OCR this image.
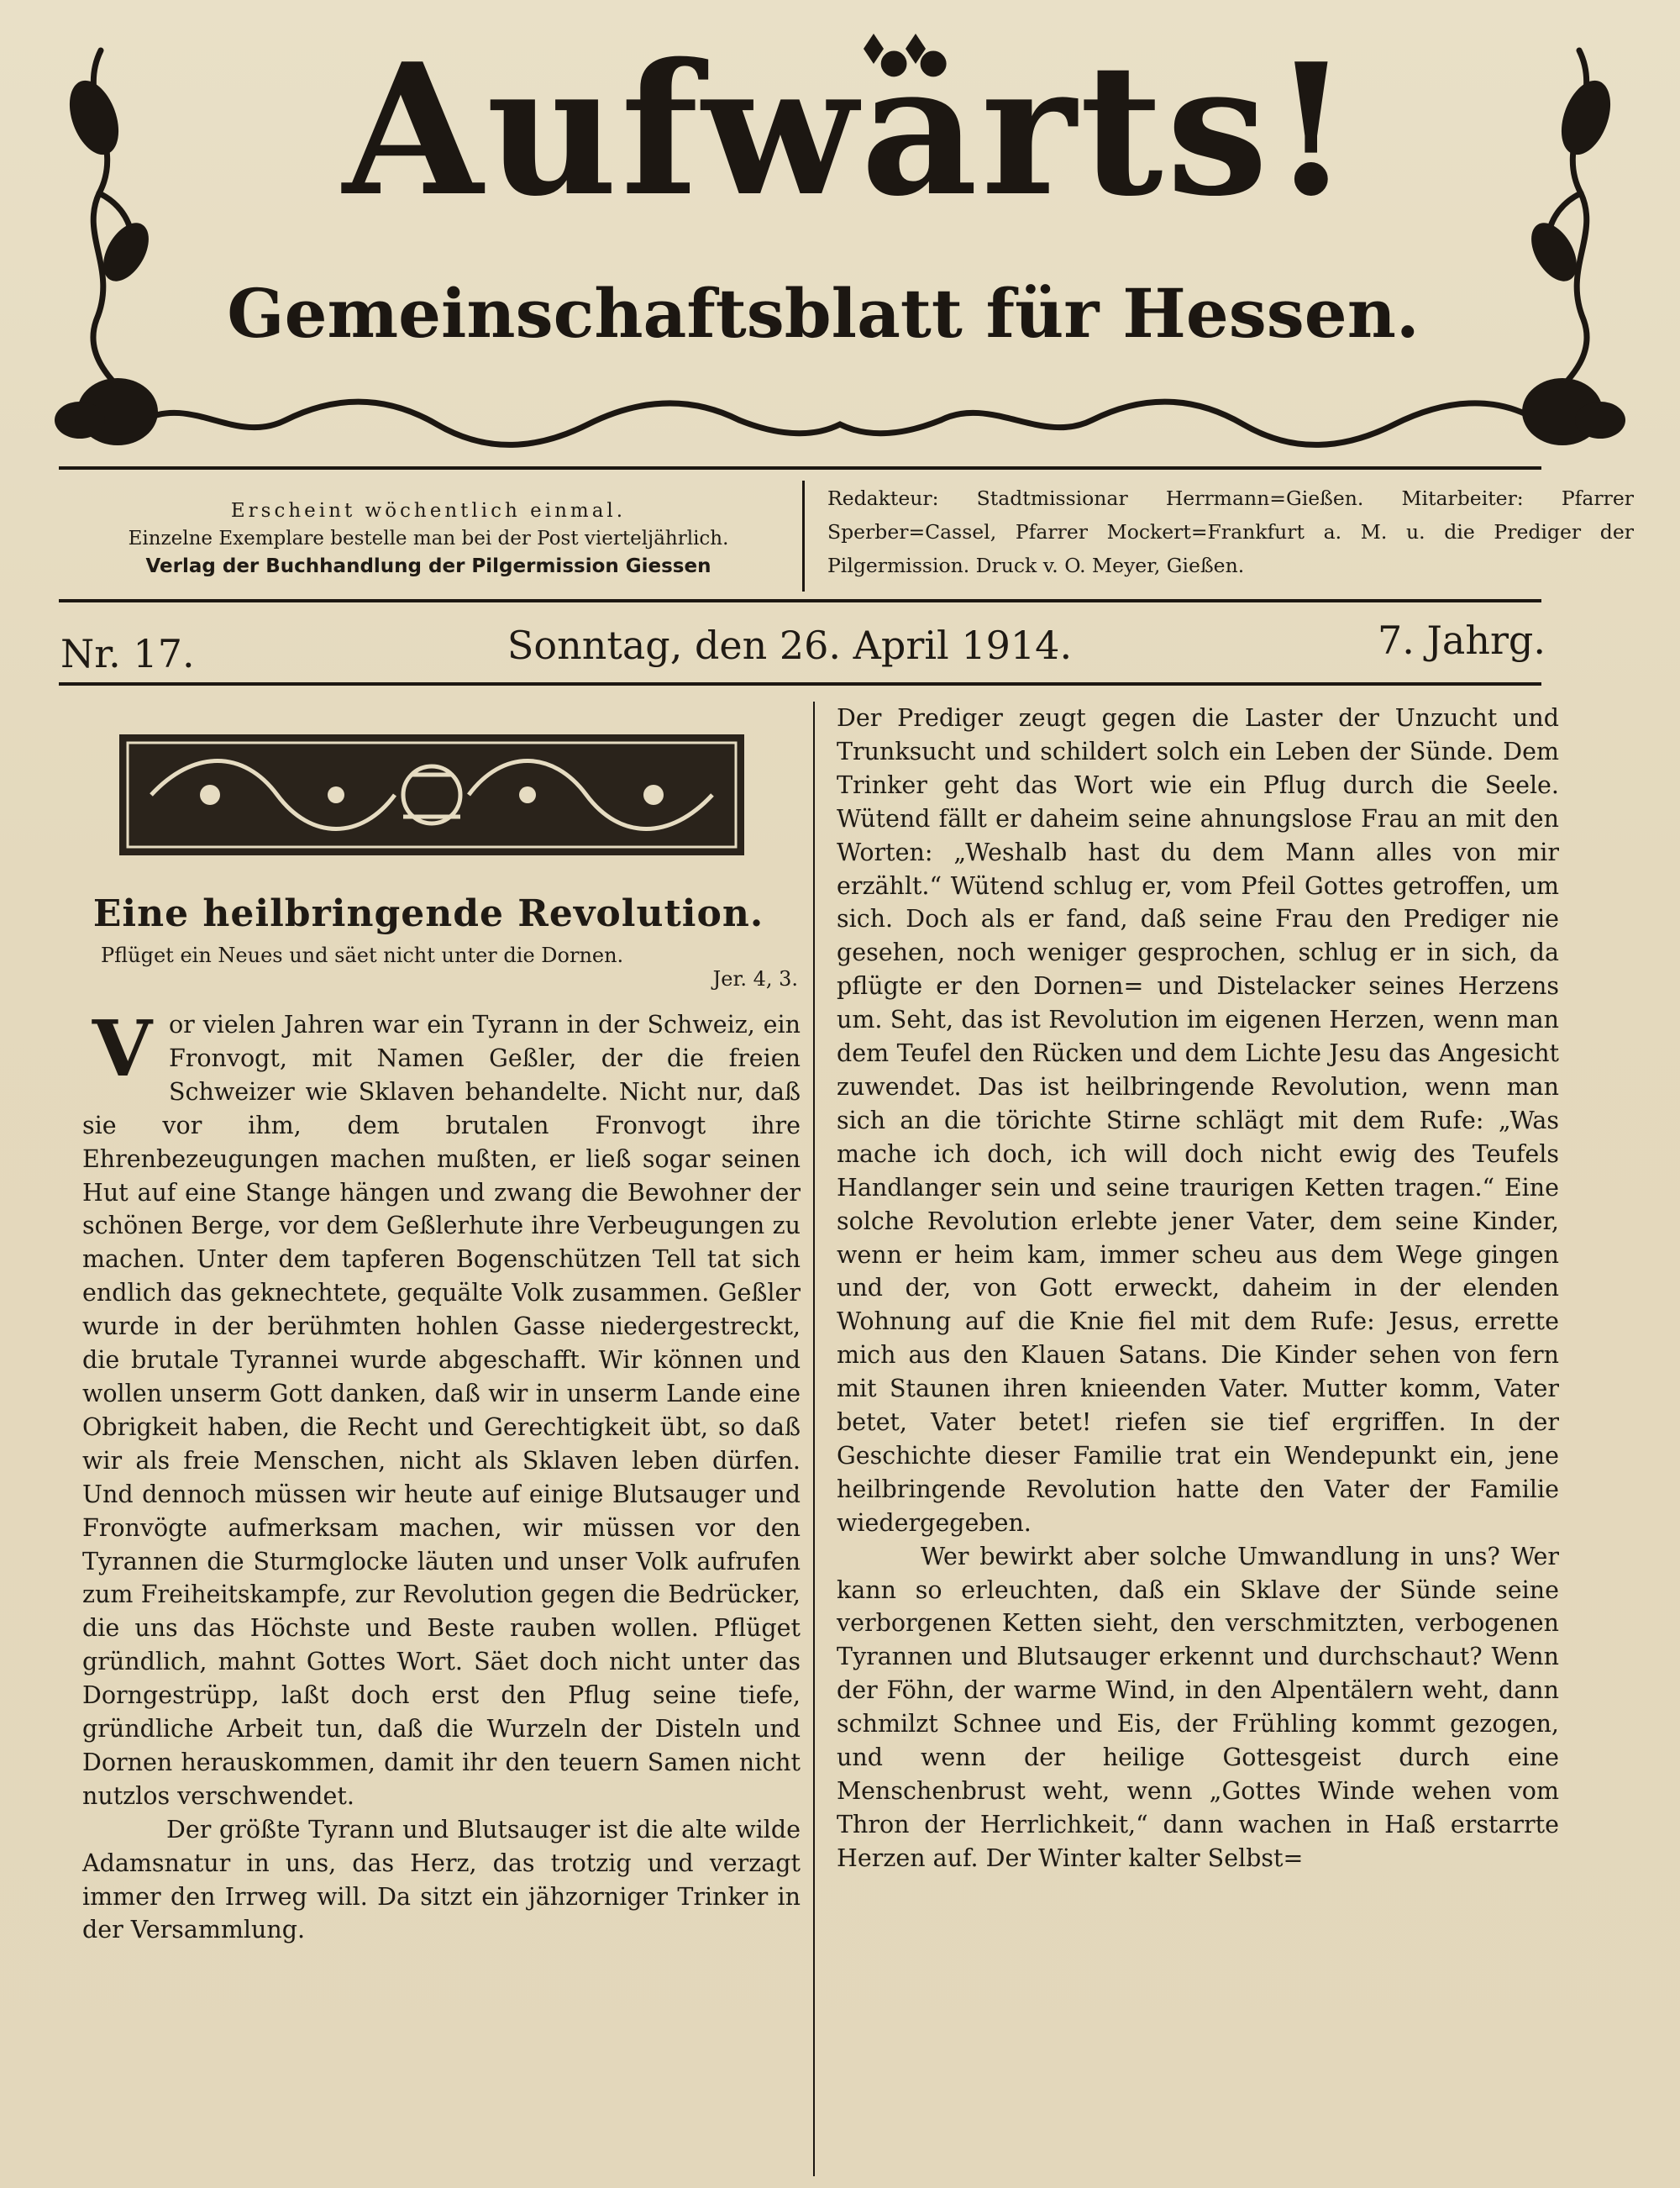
Aufwärts!
Gemeinschaftsblatt für Hessen.
Erscheint wöchentlich einmal.
Einzelne Exemplare bestelle man bei der Post vierteljährlich.
Verlag der Buchhandlung der Pilgermission Giessen
Redakteur: Stadtmissionar Herrmann=Gießen. Mitarbeiter: Pfarrer Sperber=Cassel, Pfarrer Mockert=Frankfurt a. M. u. die Prediger der Pilgermission. Druck v. O. Meyer, Gießen.
Nr. 17.	Sonntag, den 26. April 1914.	7. Jahrg.
Eine heilbringende Revolution.
Pflüget ein Neues und säet nicht unter die Dornen.
Jer. 4, 3.
V or vielen Jahren war ein Tyrann in der Schweiz, ein Fronvogt, mit Namen Geßler, der die freien Schweizer wie Sklaven behandelte. Nicht nur, daß sie vor ihm, dem brutalen Fronvogt ihre Ehrenbezeugungen machen mußten, er ließ sogar seinen Hut auf eine Stange hängen und zwang die Bewohner der schönen Berge, vor dem Geßlerhute ihre Verbeugungen zu machen. Unter dem tapferen Bogenschützen Tell tat sich endlich das geknechtete, gequälte Volk zusammen. Geßler wurde in der berühmten hohlen Gasse niedergestreckt, die brutale Tyrannei wurde abgeschafft. Wir können und wollen unserm Gott danken, daß wir in unserm Lande eine Obrigkeit haben, die Recht und Gerechtigkeit übt, so daß wir als freie Menschen, nicht als Sklaven leben dürfen. Und dennoch müssen wir heute auf einige Blutsauger und Fronvögte aufmerksam machen, wir müssen vor den Tyrannen die Sturmglocke läuten und unser Volk aufrufen zum Freiheitskampfe, zur Revolution gegen die Bedrücker, die uns das Höchste und Beste rauben wollen. Pflüget gründlich, mahnt Gottes Wort. Säet doch nicht unter das Dorngestrüpp, laßt doch erst den Pflug seine tiefe, gründliche Arbeit tun, daß die Wurzeln der Disteln und Dornen herauskommen, damit ihr den teuern Samen nicht nutzlos verschwendet.

Der größte Tyrann und Blutsauger ist die alte wilde Adamsnatur in uns, das Herz, das trotzig und verzagt immer den Irrweg will. Da sitzt ein jähzorniger Trinker in der Versammlung.

Der Prediger zeugt gegen die Laster der Unzucht und Trunksucht und schildert solch ein Leben der Sünde. Dem Trinker geht das Wort wie ein Pflug durch die Seele. Wütend fällt er daheim seine ahnungslose Frau an mit den Worten: „Weshalb hast du dem Mann alles von mir erzählt.“ Wütend schlug er, vom Pfeil Gottes getroffen, um sich. Doch als er fand, daß seine Frau den Prediger nie gesehen, noch weniger gesprochen, schlug er in sich, da pflügte er den Dornen= und Distelacker seines Herzens um. Seht, das ist Revolution im eigenen Herzen, wenn man dem Teufel den Rücken und dem Lichte Jesu das Angesicht zuwendet. Das ist heilbringende Revolution, wenn man sich an die törichte Stirne schlägt mit dem Rufe: „Was mache ich doch, ich will doch nicht ewig des Teufels Handlanger sein und seine traurigen Ketten tragen.“ Eine solche Revolution erlebte jener Vater, dem seine Kinder, wenn er heim kam, immer scheu aus dem Wege gingen und der, von Gott erweckt, daheim in der elenden Wohnung auf die Knie fiel mit dem Rufe: Jesus, errette mich aus den Klauen Satans. Die Kinder sehen von fern mit Staunen ihren knieenden Vater. Mutter komm, Vater betet, Vater betet! riefen sie tief ergriffen. In der Geschichte dieser Familie trat ein Wendepunkt ein, jene heilbringende Revolution hatte den Vater der Familie wiedergegeben.

Wer bewirkt aber solche Umwandlung in uns? Wer kann so erleuchten, daß ein Sklave der Sünde seine verborgenen Ketten sieht, den verschmitzten, verbogenen Tyrannen und Blutsauger erkennt und durchschaut? Wenn der Föhn, der warme Wind, in den Alpentälern weht, dann schmilzt Schnee und Eis, der Frühling kommt gezogen, und wenn der heilige Gottesgeist durch eine Menschenbrust weht, wenn „Gottes Winde wehen vom Thron der Herrlichkeit,“ dann wachen in Haß erstarrte Herzen auf. Der Winter kalter Selbst=
